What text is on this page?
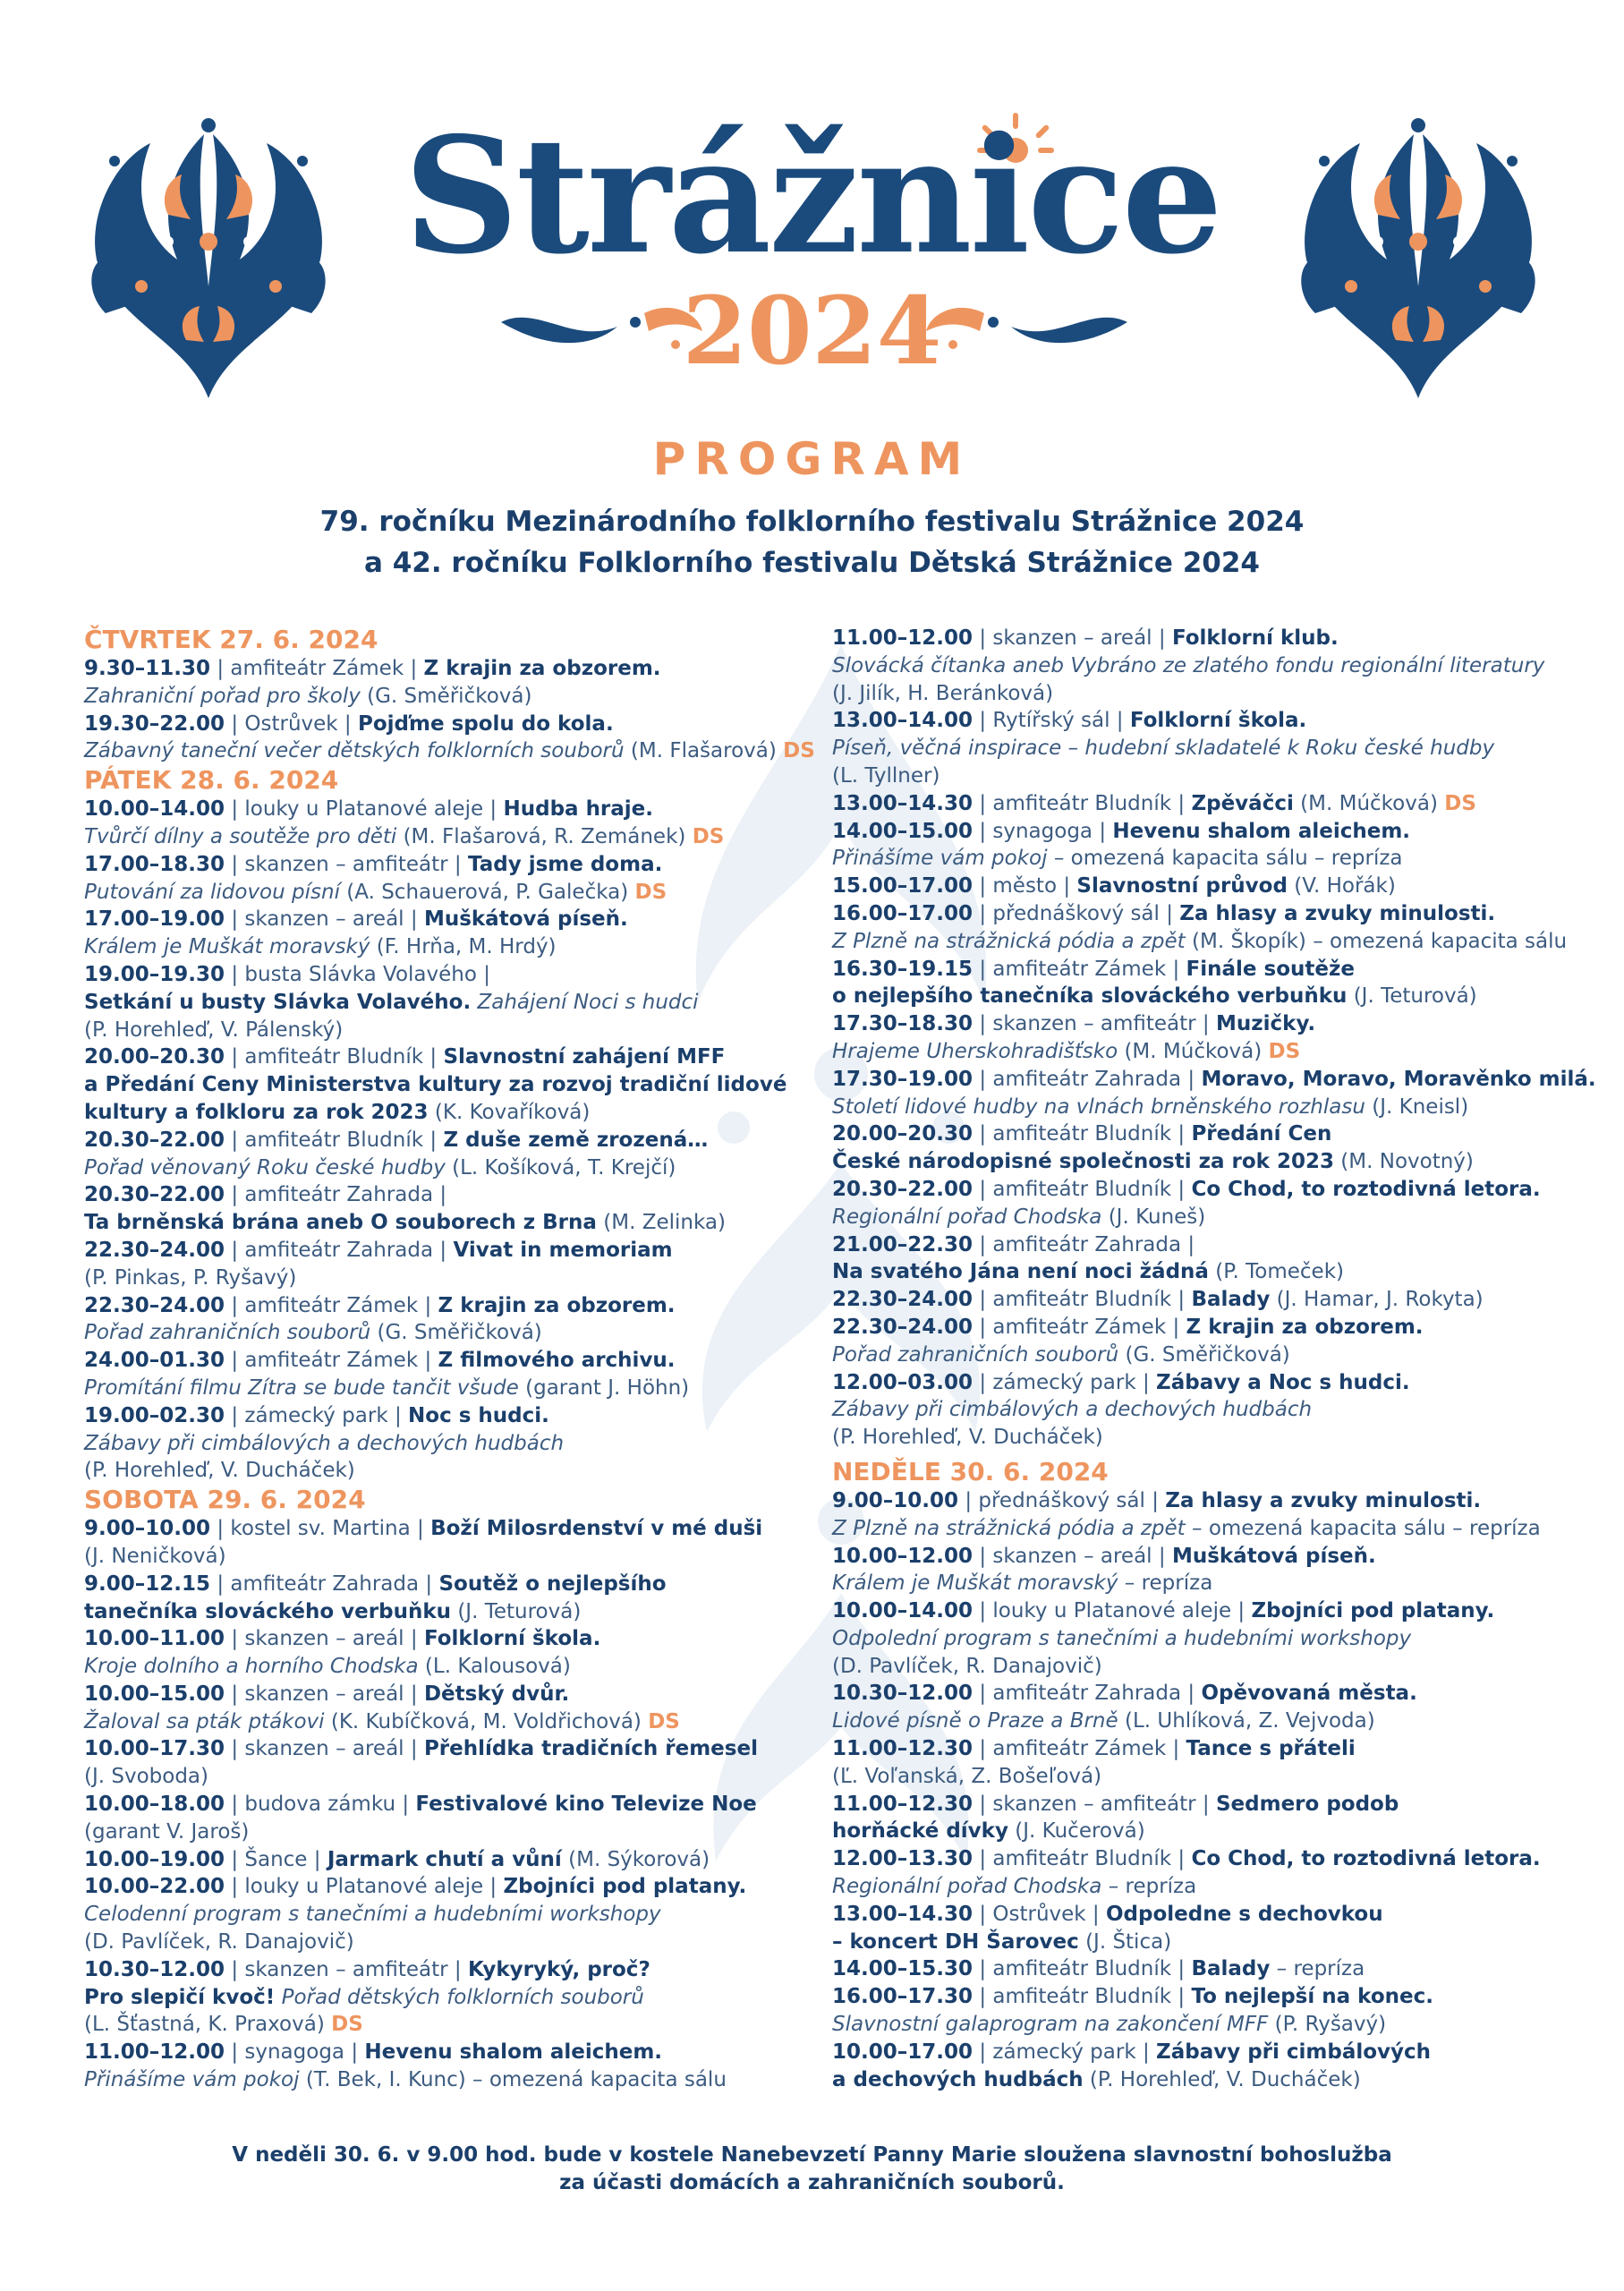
Strážnice
2024
PROGRAM
79. ročníku Mezinárodního folklorního festivalu Strážnice 2024
a 42. ročníku Folklorního festivalu Dětská Strážnice 2024
ČTVRTEK 27. 6. 2024
9.30–11.30 | amfiteátr Zámek | Z krajin za obzorem.
Zahraniční pořad pro školy (G. Směřičková)
19.30–22.00 | Ostrůvek | Pojďme spolu do kola.
Zábavný taneční večer dětských folklorních souborů (M. Flašarová) DS
PÁTEK 28. 6. 2024
10.00–14.00 | louky u Platanové aleje | Hudba hraje.
Tvůrčí dílny a soutěže pro děti (M. Flašarová, R. Zemánek) DS
17.00–18.30 | skanzen – amfiteátr | Tady jsme doma.
Putování za lidovou písní (A. Schauerová, P. Galečka) DS
17.00–19.00 | skanzen – areál | Muškátová píseň.
Králem je Muškát moravský (F. Hrňa, M. Hrdý)
19.00–19.30 | busta Slávka Volavého |
Setkání u busty Slávka Volavého. Zahájení Noci s hudci
(P. Horehleď, V. Pálenský)
20.00–20.30 | amfiteátr Bludník | Slavnostní zahájení MFF
a Předání Ceny Ministerstva kultury za rozvoj tradiční lidové
kultury a folkloru za rok 2023 (K. Kovaříková)
20.30–22.00 | amfiteátr Bludník | Z duše země zrozená…
Pořad věnovaný Roku české hudby (L. Košíková, T. Krejčí)
20.30–22.00 | amfiteátr Zahrada |
Ta brněnská brána aneb O souborech z Brna (M. Zelinka)
22.30–24.00 | amfiteátr Zahrada | Vivat in memoriam
(P. Pinkas, P. Ryšavý)
22.30–24.00 | amfiteátr Zámek | Z krajin za obzorem.
Pořad zahraničních souborů (G. Směřičková)
24.00–01.30 | amfiteátr Zámek | Z filmového archivu.
Promítání filmu Zítra se bude tančit všude (garant J. Höhn)
19.00–02.30 | zámecký park | Noc s hudci.
Zábavy při cimbálových a dechových hudbách
(P. Horehleď, V. Ducháček)
SOBOTA 29. 6. 2024
9.00–10.00 | kostel sv. Martina | Boží Milosrdenství v mé duši
(J. Neničková)
9.00–12.15 | amfiteátr Zahrada | Soutěž o nejlepšího
tanečníka slováckého verbuňku (J. Teturová)
10.00–11.00 | skanzen – areál | Folklorní škola.
Kroje dolního a horního Chodska (L. Kalousová)
10.00–15.00 | skanzen – areál | Dětský dvůr.
Žaloval sa pták ptákovi (K. Kubíčková, M. Voldřichová) DS
10.00–17.30 | skanzen – areál | Přehlídka tradičních řemesel
(J. Svoboda)
10.00–18.00 | budova zámku | Festivalové kino Televize Noe
(garant V. Jaroš)
10.00–19.00 | Šance | Jarmark chutí a vůní (M. Sýkorová)
10.00–22.00 | louky u Platanové aleje | Zbojníci pod platany.
Celodenní program s tanečními a hudebními workshopy
(D. Pavlíček, R. Danajovič)
10.30–12.00 | skanzen – amfiteátr | Kykyryký, proč?
Pro slepičí kvoč! Pořad dětských folklorních souborů
(L. Šťastná, K. Praxová) DS
11.00–12.00 | synagoga | Hevenu shalom aleichem.
Přinášíme vám pokoj (T. Bek, I. Kunc) – omezená kapacita sálu
11.00–12.00 | skanzen – areál | Folklorní klub.
Slovácká čítanka aneb Vybráno ze zlatého fondu regionální literatury
(J. Jilík, H. Beránková)
13.00–14.00 | Rytířský sál | Folklorní škola.
Píseň, věčná inspirace – hudební skladatelé k Roku české hudby
(L. Tyllner)
13.00–14.30 | amfiteátr Bludník | Zpěváčci (M. Múčková) DS
14.00–15.00 | synagoga | Hevenu shalom aleichem.
Přinášíme vám pokoj – omezená kapacita sálu – repríza
15.00–17.00 | město | Slavnostní průvod (V. Hořák)
16.00–17.00 | přednáškový sál | Za hlasy a zvuky minulosti.
Z Plzně na strážnická pódia a zpět (M. Škopík) – omezená kapacita sálu
16.30–19.15 | amfiteátr Zámek | Finále soutěže
o nejlepšího tanečníka slováckého verbuňku (J. Teturová)
17.30–18.30 | skanzen – amfiteátr | Muzičky.
Hrajeme Uherskohradišťsko (M. Múčková) DS
17.30–19.00 | amfiteátr Zahrada | Moravo, Moravo, Moravěnko milá.
Století lidové hudby na vlnách brněnského rozhlasu (J. Kneisl)
20.00–20.30 | amfiteátr Bludník | Předání Cen
České národopisné společnosti za rok 2023 (M. Novotný)
20.30–22.00 | amfiteátr Bludník | Co Chod, to roztodivná letora.
Regionální pořad Chodska (J. Kuneš)
21.00–22.30 | amfiteátr Zahrada |
Na svatého Jána není noci žádná (P. Tomeček)
22.30–24.00 | amfiteátr Bludník | Balady (J. Hamar, J. Rokyta)
22.30–24.00 | amfiteátr Zámek | Z krajin za obzorem.
Pořad zahraničních souborů (G. Směřičková)
12.00–03.00 | zámecký park | Zábavy a Noc s hudci.
Zábavy při cimbálových a dechových hudbách
(P. Horehleď, V. Ducháček)
NEDĚLE 30. 6. 2024
9.00–10.00 | přednáškový sál | Za hlasy a zvuky minulosti.
Z Plzně na strážnická pódia a zpět – omezená kapacita sálu – repríza
10.00–12.00 | skanzen – areál | Muškátová píseň.
Králem je Muškát moravský – repríza
10.00–14.00 | louky u Platanové aleje | Zbojníci pod platany.
Odpolední program s tanečními a hudebními workshopy
(D. Pavlíček, R. Danajovič)
10.30–12.00 | amfiteátr Zahrada | Opěvovaná města.
Lidové písně o Praze a Brně (L. Uhlíková, Z. Vejvoda)
11.00–12.30 | amfiteátr Zámek | Tance s přáteli
(Ľ. Voľanská, Z. Bošeľová)
11.00–12.30 | skanzen – amfiteátr | Sedmero podob
horňácké dívky (J. Kučerová)
12.00–13.30 | amfiteátr Bludník | Co Chod, to roztodivná letora.
Regionální pořad Chodska – repríza
13.00–14.30 | Ostrůvek | Odpoledne s dechovkou
– koncert DH Šarovec (J. Štica)
14.00–15.30 | amfiteátr Bludník | Balady – repríza
16.00–17.30 | amfiteátr Bludník | To nejlepší na konec.
Slavnostní galaprogram na zakončení MFF (P. Ryšavý)
10.00–17.00 | zámecký park | Zábavy při cimbálových
a dechových hudbách (P. Horehleď, V. Ducháček)
V neděli 30. 6. v 9.00 hod. bude v kostele Nanebevzetí Panny Marie sloužena slavnostní bohoslužba
za účasti domácích a zahraničních souborů.
